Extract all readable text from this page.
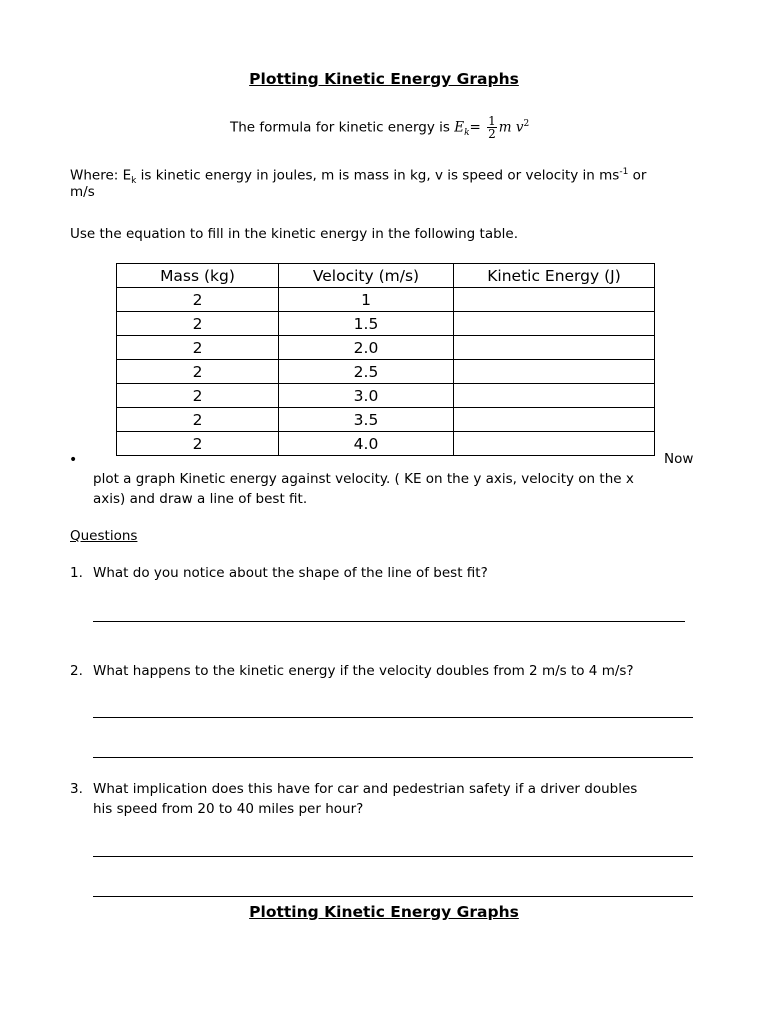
Plotting Kinetic Energy Graphs
The formula for kinetic energy is $E_k= \frac{1}{2}$ m $v^2$
Where: $E_k$ is kinetic energy in joules, m is mass in kg, v is speed or velocity in $ms^{-1}$ or
m/s
Use the equation to fill in the kinetic energy in the following table.
Mass (kg)	Velocity (m/s)	Kinetic Energy (J)
2	1	
2	1.5	
2	2.0	
2	2.5	
2	3.0	
2	3.5	
2	4.0	
•	Now
plot a graph Kinetic energy against velocity. ( KE on the y axis, velocity on the x
axis) and draw a line of best fit.
Questions
1. What do you notice about the shape of the line of best fit?
2. What happens to the kinetic energy if the velocity doubles from 2 m/s to 4 m/s?
3. What implication does this have for car and pedestrian safety if a driver doubles
his speed from 20 to 40 miles per hour?
Plotting Kinetic Energy Graphs
